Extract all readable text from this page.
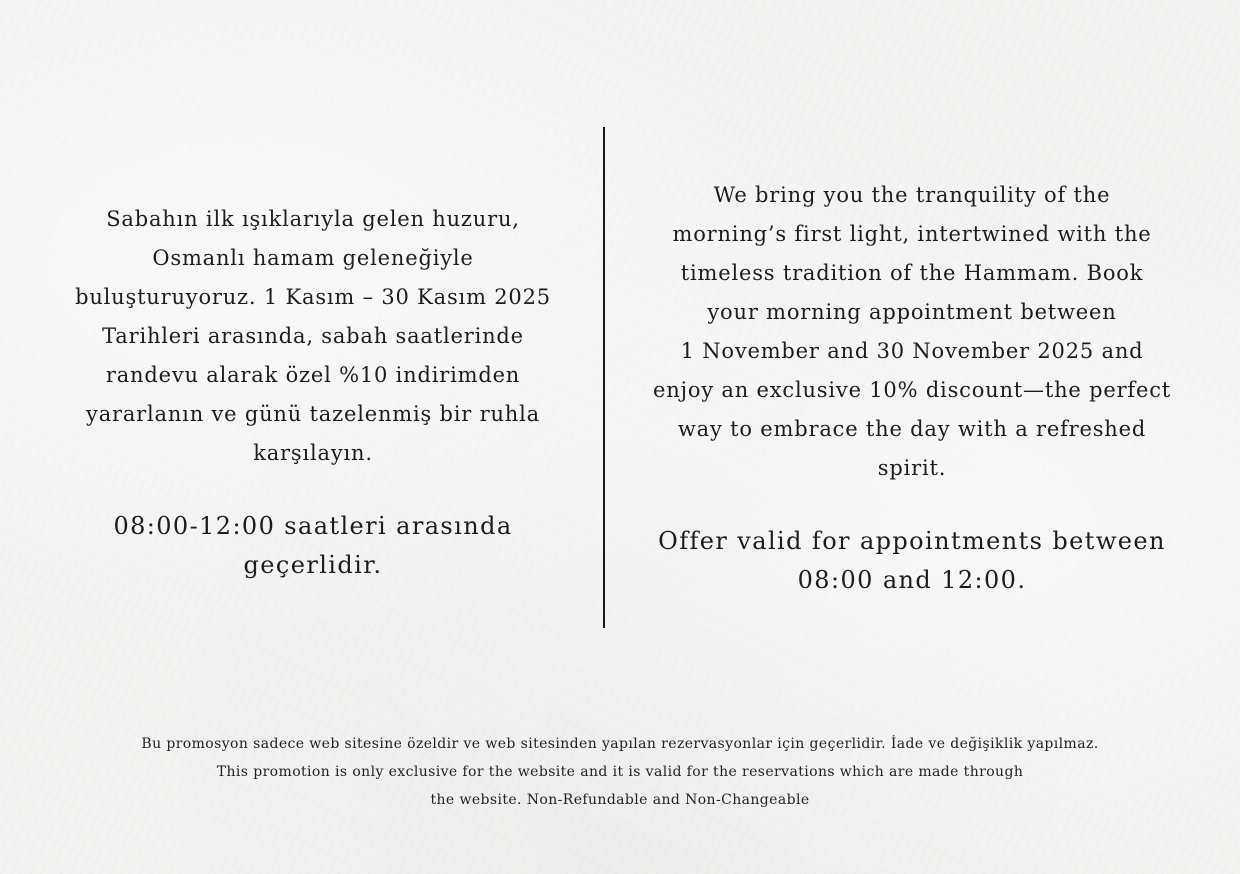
Sabahın ilk ışıklarıyla gelen huzuru,
Osmanlı hamam geleneğiyle
buluşturuyoruz. 1 Kasım – 30 Kasım 2025
Tarihleri arasında, sabah saatlerinde
randevu alarak özel %10 indirimden
yararlanın ve günü tazelenmiş bir ruhla
karşılayın.

08:00-12:00 saatleri arasında
geçerlidir.

We bring you the tranquility of the
morning’s first light, intertwined with the
timeless tradition of the Hammam. Book
your morning appointment between
1 November and 30 November 2025 and
enjoy an exclusive 10% discount—the perfect
way to embrace the day with a refreshed
spirit.

Offer valid for appointments between
08:00 and 12:00.

Bu promosyon sadece web sitesine özeldir ve web sitesinden yapılan rezervasyonlar için geçerlidir. İade ve değişiklik yapılmaz.

This promotion is only exclusive for the website and it is valid for the reservations which are made through

the website. Non-Refundable and Non-Changeable
